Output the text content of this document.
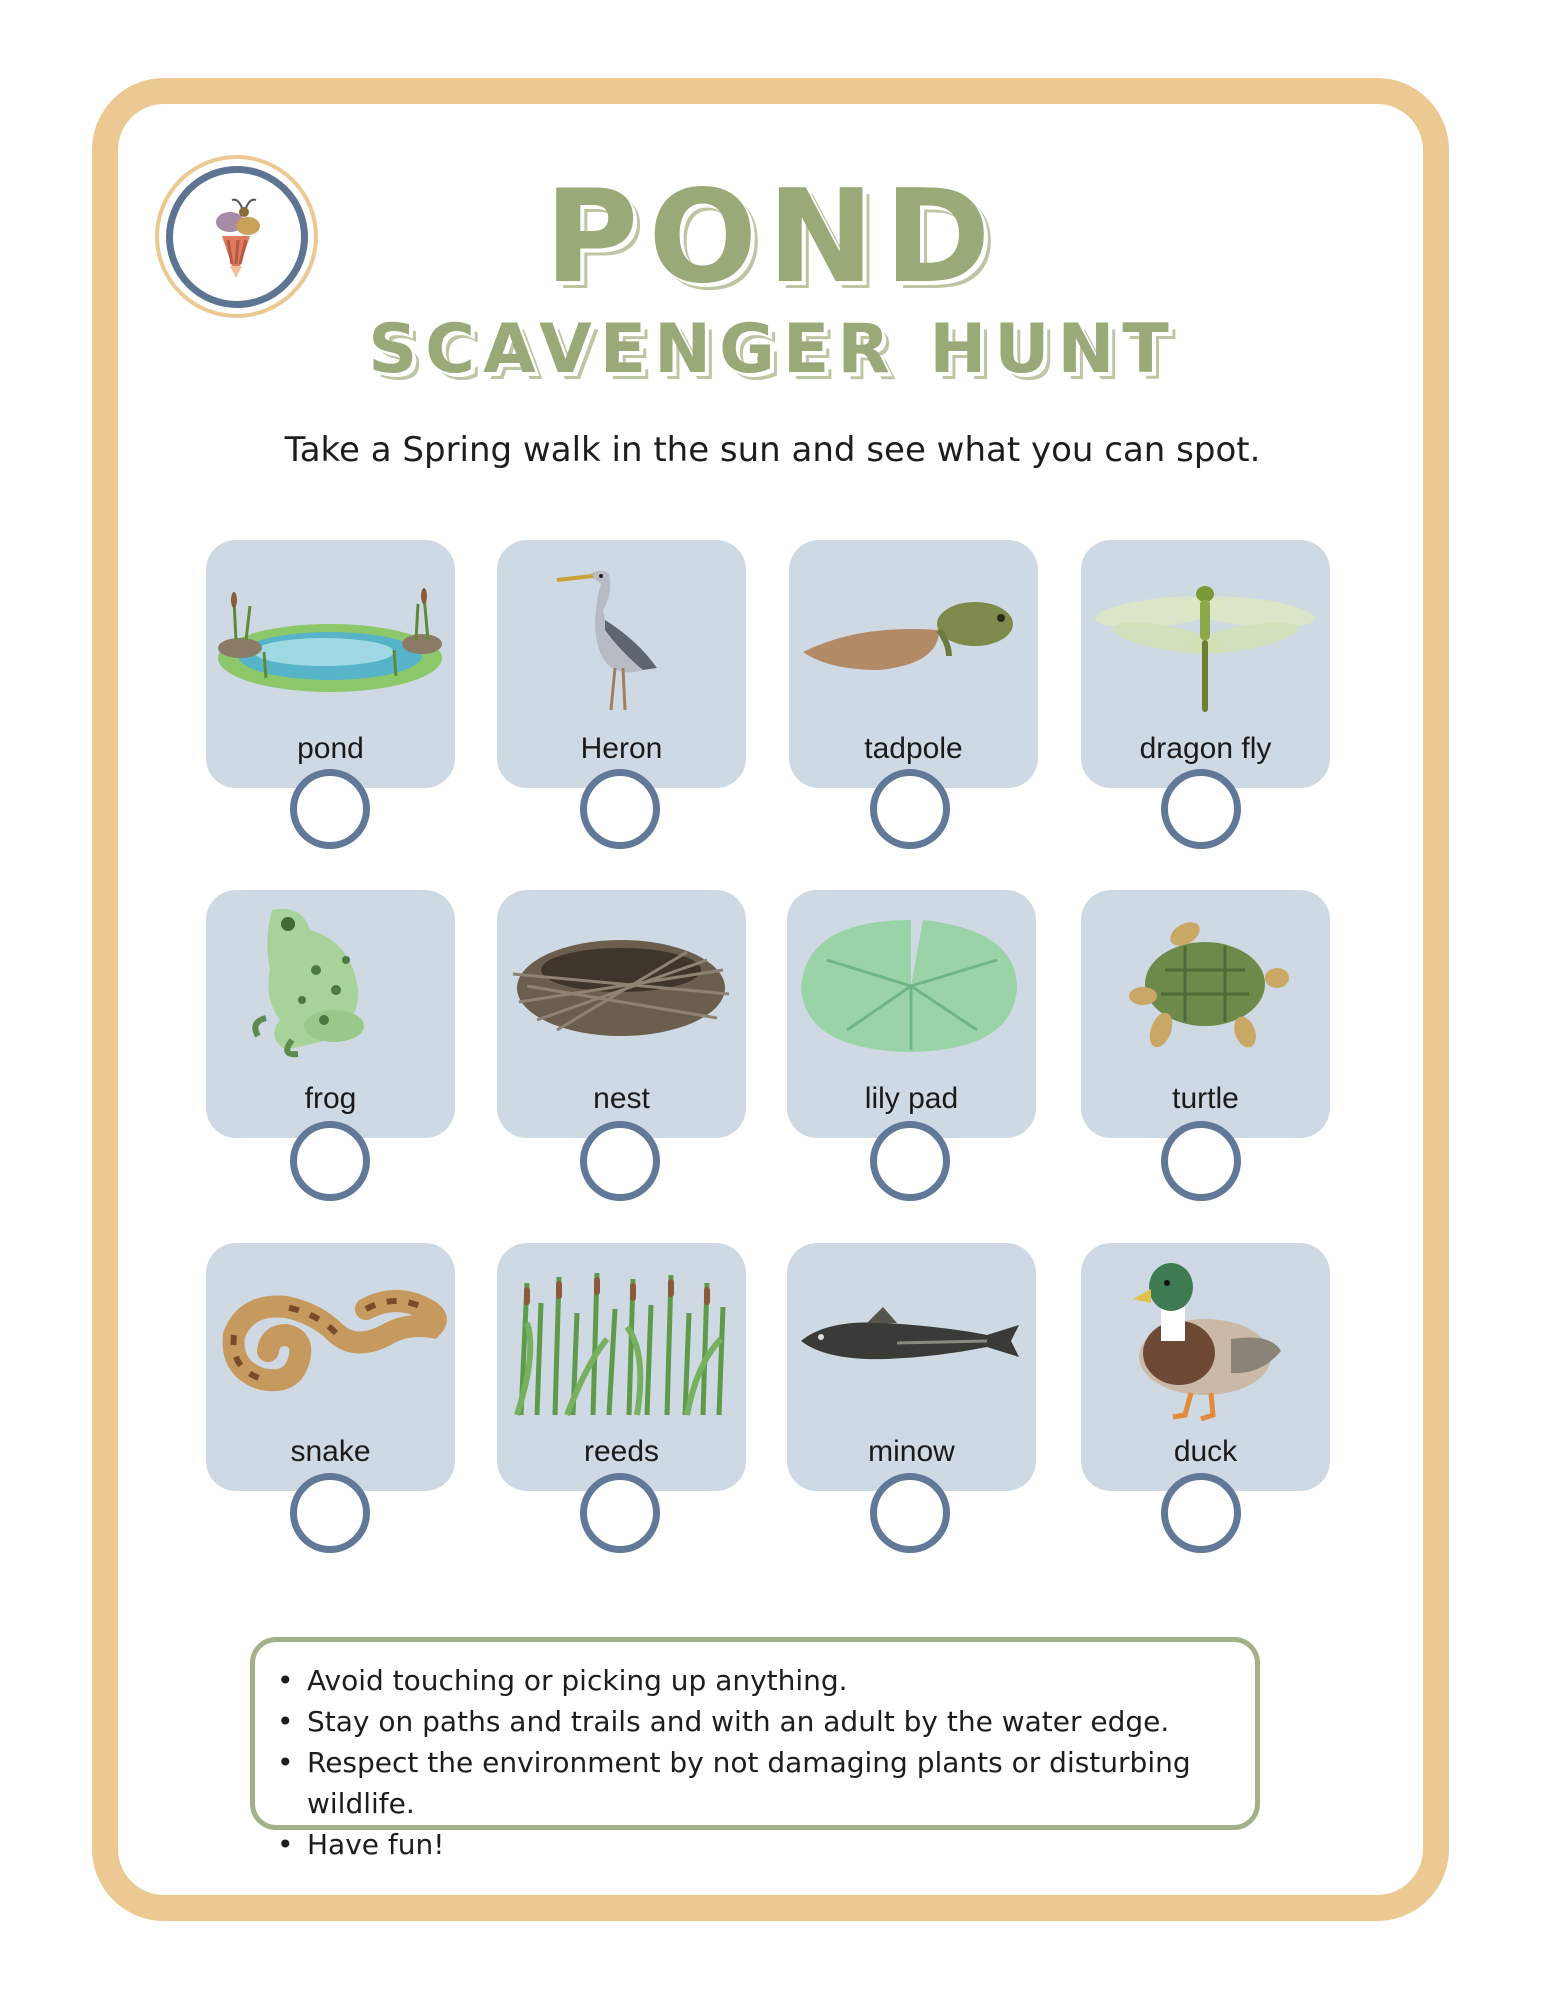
POND
SCAVENGER HUNT
Take a Spring walk in the sun and see what you can spot.
pond	Heron	tadpole	dragon fly
frog	nest	lily pad	turtle
snake	reeds	minow	duck
• Avoid touching or picking up anything.
• Stay on paths and trails and with an adult by the water edge.
• Respect the environment by not damaging plants or disturbing wildlife.
• Have fun!
